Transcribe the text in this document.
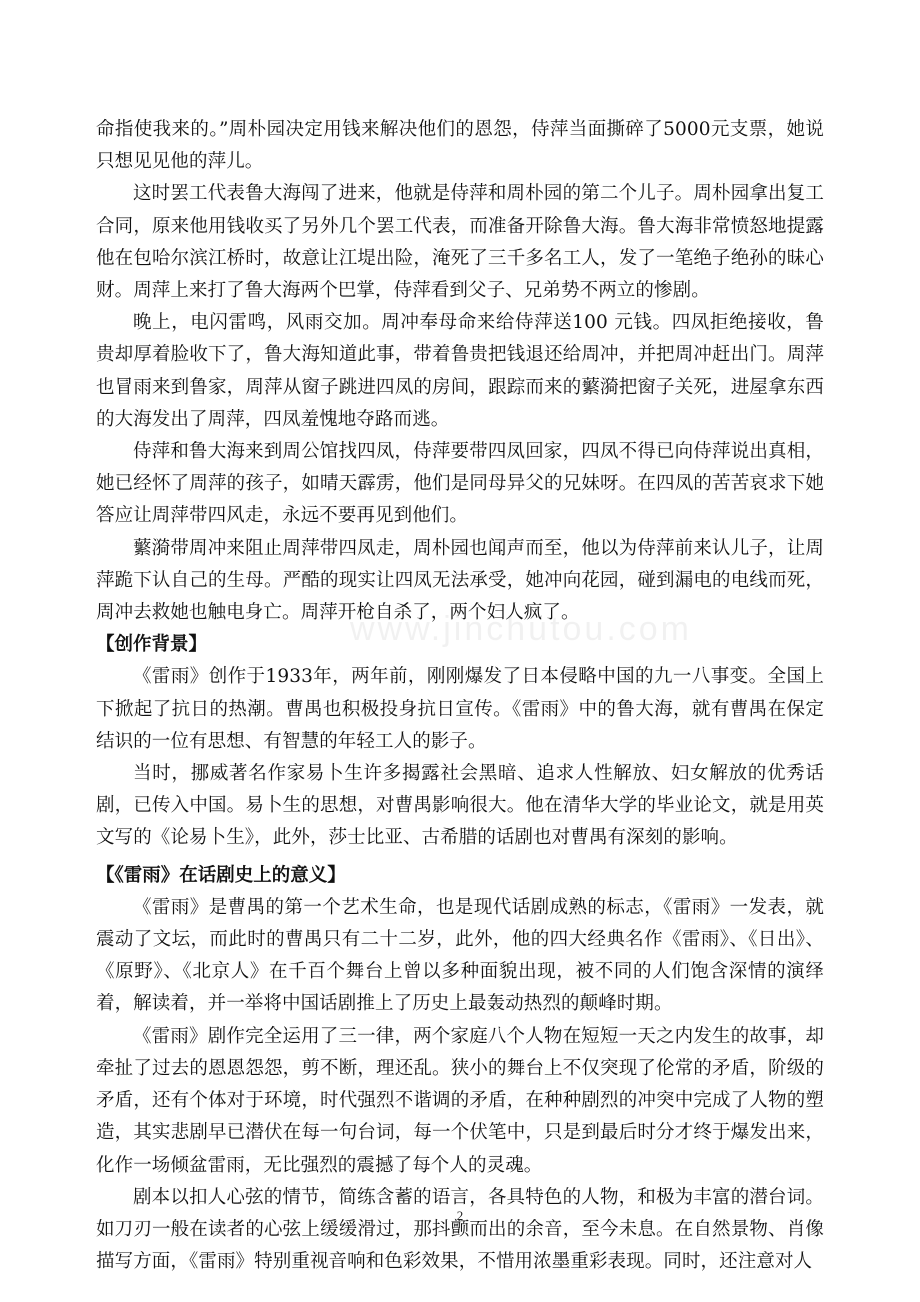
www.jinchutou.com

命指使我来的。”周朴园决定用钱来解决他们的恩怨，侍萍当面撕碎了5000元支票，她说只想见见他的萍儿。

这时罢工代表鲁大海闯了进来，他就是侍萍和周朴园的第二个儿子。周朴园拿出复工合同，原来他用钱收买了另外几个罢工代表，而准备开除鲁大海。鲁大海非常愤怒地提露他在包哈尔滨江桥时，故意让江堤出险，淹死了三千多名工人，发了一笔绝子绝孙的昧心财。周萍上来打了鲁大海两个巴掌，侍萍看到父子、兄弟势不两立的惨剧。

晚上，电闪雷鸣，风雨交加。周冲奉母命来给侍萍送100 元钱。四凤拒绝接收，鲁贵却厚着脸收下了，鲁大海知道此事，带着鲁贵把钱退还给周冲，并把周冲赶出门。周萍也冒雨来到鲁家，周萍从窗子跳进四凤的房间，跟踪而来的蘩漪把窗子关死，进屋拿东西的大海发出了周萍，四凤羞愧地夺路而逃。

侍萍和鲁大海来到周公馆找四凤，侍萍要带四凤回家，四凤不得已向侍萍说出真相，她已经怀了周萍的孩子，如晴天霹雳，他们是同母异父的兄妹呀。在四凤的苦苦哀求下她答应让周萍带四风走，永远不要再见到他们。

蘩漪带周冲来阻止周萍带四凤走，周朴园也闻声而至，他以为侍萍前来认儿子，让周萍跪下认自己的生母。严酷的现实让四凤无法承受，她冲向花园，碰到漏电的电线而死，周冲去救她也触电身亡。周萍开枪自杀了，两个妇人疯了。

【创作背景】

《雷雨》创作于1933年，两年前，刚刚爆发了日本侵略中国的九一八事变。全国上下掀起了抗日的热潮。曹禺也积极投身抗日宣传。《雷雨》中的鲁大海，就有曹禺在保定结识的一位有思想、有智慧的年轻工人的影子。

当时，挪威著名作家易卜生许多揭露社会黑暗、追求人性解放、妇女解放的优秀话剧，已传入中国。易卜生的思想，对曹禺影响很大。他在清华大学的毕业论文，就是用英文写的《论易卜生》，此外，莎士比亚、古希腊的话剧也对曹禺有深刻的影响。

【《雷雨》在话剧史上的意义】

《雷雨》是曹禺的第一个艺术生命，也是现代话剧成熟的标志，《雷雨》一发表，就震动了文坛，而此时的曹禺只有二十二岁，此外，他的四大经典名作《雷雨》、《日出》、《原野》、《北京人》在千百个舞台上曾以多种面貌出现，被不同的人们饱含深情的演绎着，解读着，并一举将中国话剧推上了历史上最轰动热烈的颠峰时期。

《雷雨》剧作完全运用了三一律，两个家庭八个人物在短短一天之内发生的故事，却牵扯了过去的恩恩怨怨，剪不断，理还乱。狭小的舞台上不仅突现了伦常的矛盾，阶级的矛盾，还有个体对于环境，时代强烈不谐调的矛盾，在种种剧烈的冲突中完成了人物的塑造，其实悲剧早已潜伏在每一句台词，每一个伏笔中，只是到最后时分才终于爆发出来，化作一场倾盆雷雨，无比强烈的震撼了每个人的灵魂。

剧本以扣人心弦的情节，简练含蓄的语言，各具特色的人物，和极为丰富的潜台词。如刀刃一般在读者的心弦上缓缓滑过，那抖颤而出的余音，至今未息。在自然景物、肖像描写方面，《雷雨》特别重视音响和色彩效果，不惜用浓墨重彩表现。同时，还注意对人

2
